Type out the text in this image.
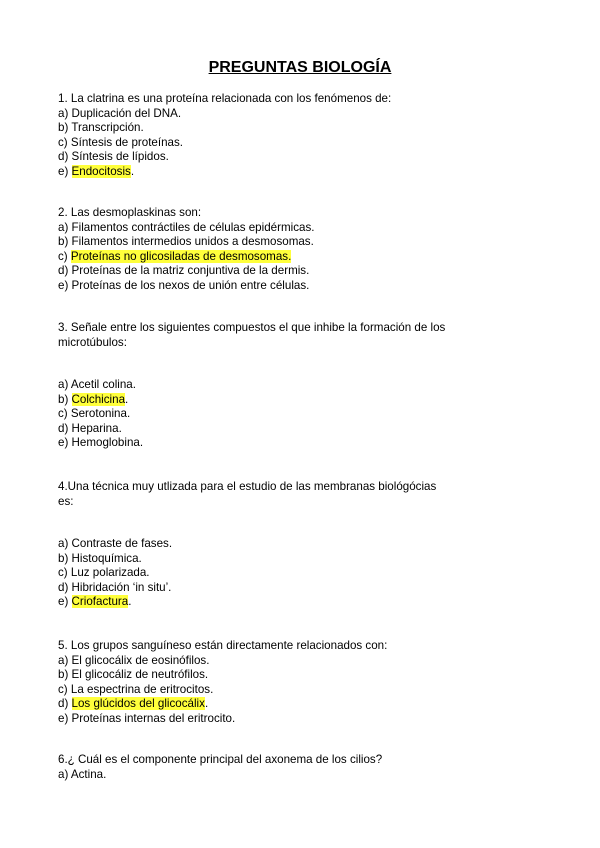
PREGUNTAS BIOLOGÍA
1. La clatrina es una proteína relacionada con los fenómenos de:
a) Duplicación del DNA.
b) Transcripción.
c) Síntesis de proteínas.
d) Síntesis de lípidos.
e) Endocitosis.
2. Las desmoplaskinas son:
a) Filamentos contráctiles de células epidérmicas.
b) Filamentos intermedios unidos a desmosomas.
c) Proteínas no glicosiladas de desmosomas.
d) Proteínas de la matriz conjuntiva de la dermis.
e) Proteínas de los nexos de unión entre células.
3. Señale entre los siguientes compuestos el que inhibe la formación de los
microtúbulos:
a) Acetil colina.
b) Colchicina.
c) Serotonina.
d) Heparina.
e) Hemoglobina.
4.Una técnica muy utlizada para el estudio de las membranas biológócias
es:
a) Contraste de fases.
b) Histoquímica.
c) Luz polarizada.
d) Hibridación ‘in situ’.
e) Criofactura.
5. Los grupos sanguíneso están directamente relacionados con:
a) El glicocálix de eosinófilos.
b) El glicocáliz de neutrófilos.
c) La espectrina de eritrocitos.
d) Los glúcidos del glicocálix.
e) Proteínas internas del eritrocito.
6.¿ Cuál es el componente principal del axonema de los cilios?
a) Actina.
